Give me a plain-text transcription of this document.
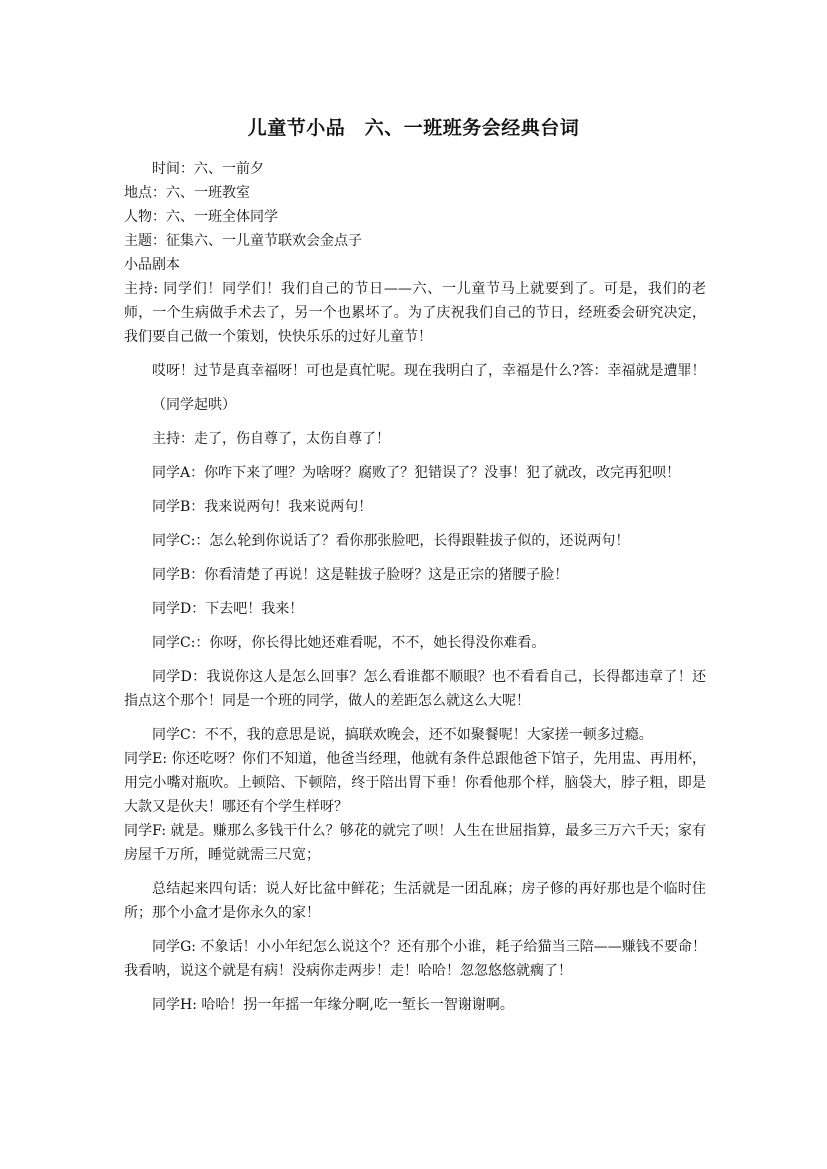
儿童节小品　六、一班班务会经典台词

时间：六、一前夕

地点：六、一班教室

人物：六、一班全体同学

主题：征集六、一儿童节联欢会金点子

小品剧本

主持: 同学们！同学们！我们自己的节日——六、一儿童节马上就要到了。可是，我们的老师，一个生病做手术去了，另一个也累坏了。为了庆祝我们自己的节日，经班委会研究决定，我们要自己做一个策划，快快乐乐的过好儿童节！

哎呀！过节是真幸福呀！可也是真忙呢。现在我明白了，幸福是什么?答：幸福就是遭罪！

（同学起哄）

主持：走了，伤自尊了，太伤自尊了！

同学A：你咋下来了哩？为啥呀？腐败了？犯错误了？没事！犯了就改，改完再犯呗！

同学B：我来说两句！我来说两句！

同学C:：怎么轮到你说话了？看你那张脸吧，长得跟鞋拔子似的，还说两句！

同学B：你看清楚了再说！这是鞋拔子脸呀？这是正宗的猪腰子脸！

同学D：下去吧！我来！

同学C:：你呀，你长得比她还难看呢，不不，她长得没你难看。

同学D：我说你这人是怎么回事？怎么看谁都不顺眼？也不看看自己，长得都违章了！还指点这个那个！同是一个班的同学，做人的差距怎么就这么大呢！

同学C：不不，我的意思是说，搞联欢晚会，还不如聚餐呢！大家搓一顿多过瘾。

同学E: 你还吃呀？你们不知道，他爸当经理，他就有条件总跟他爸下馆子，先用盅、再用杯，用完小嘴对瓶吹。上顿陪、下顿陪，终于陪出胃下垂！你看他那个样，脑袋大，脖子粗，即是大款又是伙夫！哪还有个学生样呀？

同学F: 就是。赚那么多钱干什么？够花的就完了呗！人生在世屈指算，最多三万六千天；家有房屋千万所，睡觉就需三尺宽；

总结起来四句话：说人好比盆中鲜花；生活就是一团乱麻；房子修的再好那也是个临时住所；那个小盒才是你永久的家！

同学G: 不象话！小小年纪怎么说这个？还有那个小谁，耗子给猫当三陪——赚钱不要命！我看呐，说这个就是有病！没病你走两步！走！哈哈！忽忽悠悠就瘸了！

同学H: 哈哈！拐一年摇一年缘分啊,吃一堑长一智谢谢啊。
